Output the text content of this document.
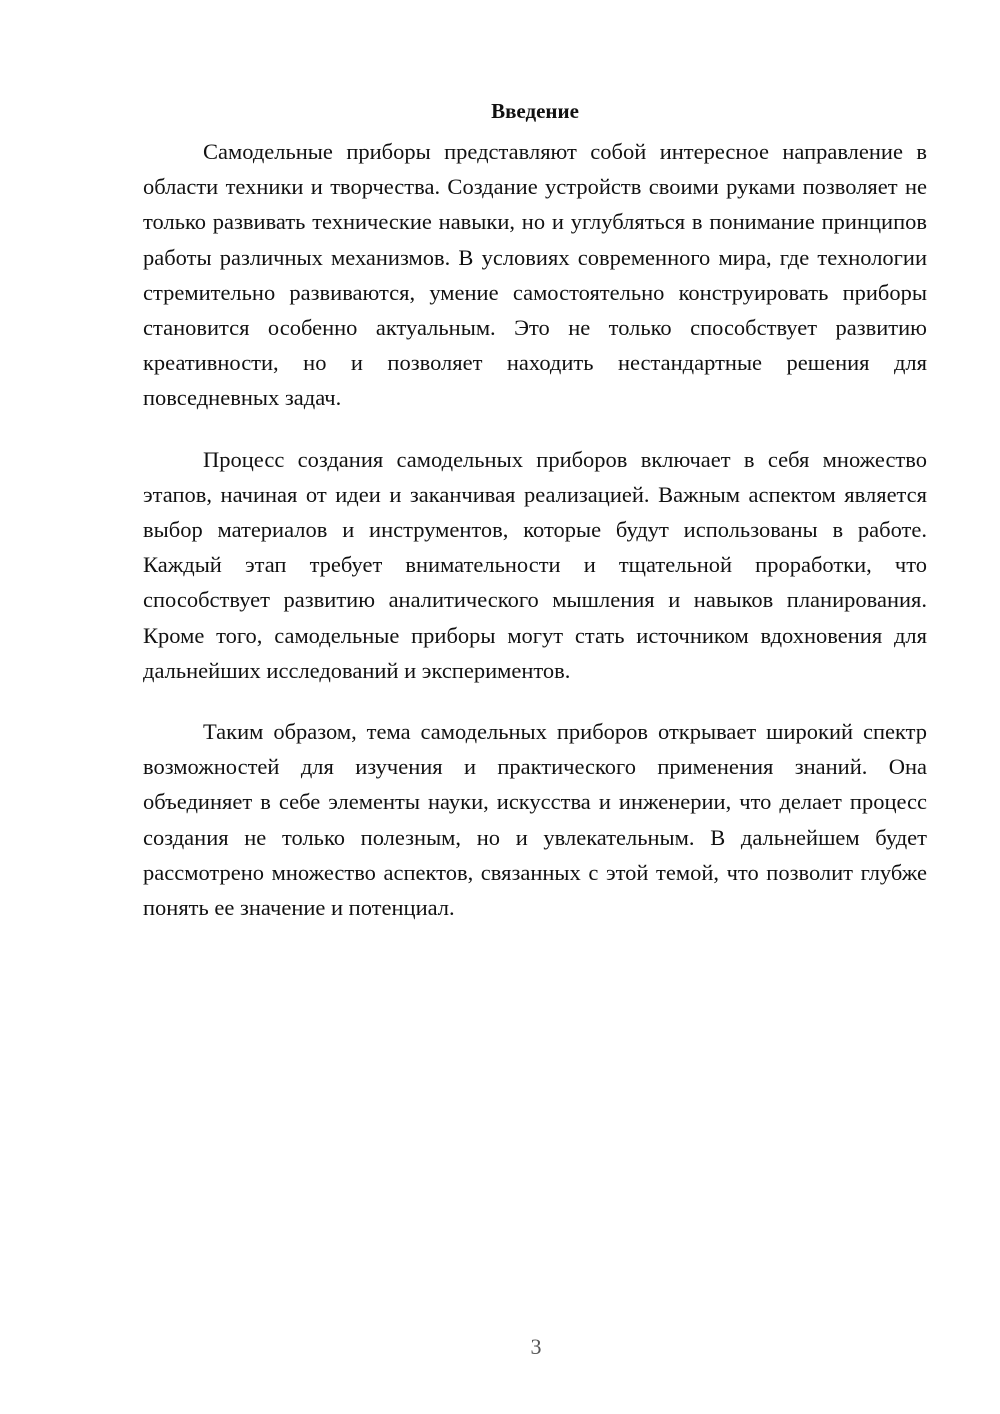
Введение

Самодельные приборы представляют собой интересное направление в области техники и творчества. Создание устройств своими руками позволяет не только развивать технические навыки, но и углубляться в понимание принципов работы различных механизмов. В условиях современного мира, где технологии стремительно развиваются, умение самостоятельно конструировать приборы становится особенно актуальным. Это не только способствует развитию креативности, но и позволяет находить нестандартные решения для повседневных задач.

Процесс создания самодельных приборов включает в себя множество этапов, начиная от идеи и заканчивая реализацией. Важным аспектом является выбор материалов и инструментов, которые будут использованы в работе. Каждый этап требует внимательности и тщательной проработки, что способствует развитию аналитического мышления и навыков планирования. Кроме того, самодельные приборы могут стать источником вдохновения для дальнейших исследований и экспериментов.

Таким образом, тема самодельных приборов открывает широкий спектр возможностей для изучения и практического применения знаний. Она объединяет в себе элементы науки, искусства и инженерии, что делает процесс создания не только полезным, но и увлекательным. В дальнейшем будет рассмотрено множество аспектов, связанных с этой темой, что позволит глубже понять ее значение и потенциал.

3
